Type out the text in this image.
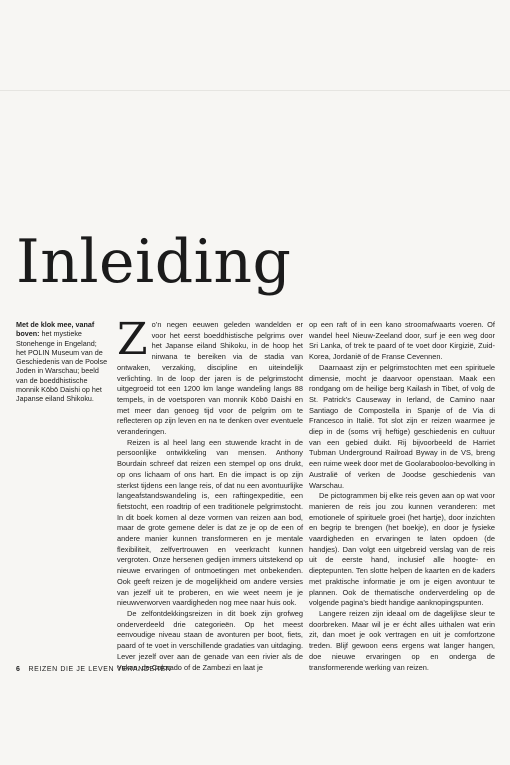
Inleiding
Met de klok mee, vanaf boven: het mystieke Stonehenge in Engeland; het POLIN Museum van de Geschiedenis van de Poolse Joden in Warschau; beeld van de boeddhistische monnik Kōbō Daishi op het Japanse eiland Shikoku.
Z o’n negen eeuwen geleden wandelden er voor het eerst boeddhistische pelgrims over het Japanse eiland Shikoku, in de hoop het nirwana te bereiken via de stadia van ontwaken, verzaking, discipline en uiteindelijk verlichting. In de loop der jaren is de pelgrimstocht uitgegroeid tot een 1200 km lange wandeling langs 88 tempels, in de voetsporen van monnik Kōbō Daishi en met meer dan genoeg tijd voor de pelgrim om te reflecteren op zijn leven en na te denken over eventuele veranderingen.

Reizen is al heel lang een stuwende kracht in de persoonlijke ontwikkeling van mensen. Anthony Bourdain schreef dat reizen een stempel op ons drukt, op ons lichaam of ons hart. En die impact is op zijn sterkst tijdens een lange reis, of dat nu een avontuurlijke langeafstandswandeling is, een raftingexpeditie, een fietstocht, een roadtrip of een traditionele pelgrimstocht. In dit boek komen al deze vormen van reizen aan bod, maar de grote gemene deler is dat ze je op de een of andere manier kunnen transformeren en je mentale flexibiliteit, zelfvertrouwen en veerkracht kunnen vergroten. Onze hersenen gedijen immers uitstekend op nieuwe ervaringen of ontmoetingen met onbekenden. Ook geeft reizen je de mogelijkheid om andere versies van jezelf uit te proberen, en wie weet neem je je nieuwverworven vaardigheden nog mee naar huis ook.

De zelfontdekkingsreizen in dit boek zijn grofweg onderverdeeld drie categorieën. Op het meest eenvoudige niveau staan de avonturen per boot, fiets, paard of te voet in verschillende gradaties van uitdaging. Lever jezelf over aan de genade van een rivier als de Yukon, de Colorado of de Zambezi en laat je

op een raft of in een kano stroomafwaarts voeren. Of wandel heel Nieuw-Zeeland door, surf je een weg door Sri Lanka, of trek te paard of te voet door Kirgizië, Zuid-Korea, Jordanië of de Franse Cevennen.

Daarnaast zijn er pelgrimstochten met een spirituele dimensie, mocht je daarvoor openstaan. Maak een rondgang om de heilige berg Kailash in Tibet, of volg de St. Patrick’s Causeway in Ierland, de Camino naar Santiago de Compostella in Spanje of de Via di Francesco in Italië. Tot slot zijn er reizen waarmee je diep in de (soms vrij heftige) geschiedenis en cultuur van een gebied duikt. Rij bijvoorbeeld de Harriet Tubman Underground Railroad Byway in de VS, breng een ruime week door met de Goolarabooloo-bevolking in Australië of verken de Joodse geschiedenis van Warschau.

De pictogrammen bij elke reis geven aan op wat voor manieren de reis jou zou kunnen veranderen: met emotionele of spirituele groei (het hartje), door inzichten en begrip te brengen (het boekje), en door je fysieke vaardigheden en ervaringen te laten opdoen (de handjes). Dan volgt een uitgebreid verslag van de reis uit de eerste hand, inclusief alle hoogte- en dieptepunten. Ten slotte helpen de kaarten en de kaders met praktische informatie je om je eigen avontuur te plannen. Ook de thematische onderverdeling op de volgende pagina’s biedt handige aanknopingspunten.

Langere reizen zijn ideaal om de dagelijkse sleur te doorbreken. Maar wil je er écht alles uithalen wat erin zit, dan moet je ook vertragen en uit je comfortzone treden. Blijf gewoon eens ergens wat langer hangen, doe nieuwe ervaringen op en onderga de transformerende werking van reizen.

6 REIZEN DIE JE LEVEN VERANDEREN
